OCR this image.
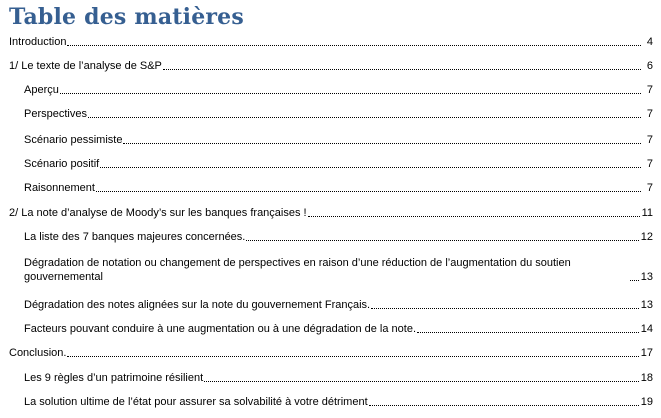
Table des matières
Introduction	4
1/ Le texte de l’analyse de S&P	6
Aperçu	7
Perspectives	7
Scénario pessimiste	7
Scénario positif	7
Raisonnement	7
2/ La note d’analyse de Moody’s sur les banques françaises !	11
La liste des 7 banques majeures concernées.	12
Dégradation de notation ou changement de perspectives en raison d’une réduction de l’augmentation du soutien gouvernemental	13
Dégradation des notes alignées sur la note du gouvernement Français.	13
Facteurs pouvant conduire à une augmentation ou à une dégradation de la note.	14
Conclusion.	17
Les 9 règles d’un patrimoine résilient	18
La solution ultime de l’état pour assurer sa solvabilité à votre détriment	19
